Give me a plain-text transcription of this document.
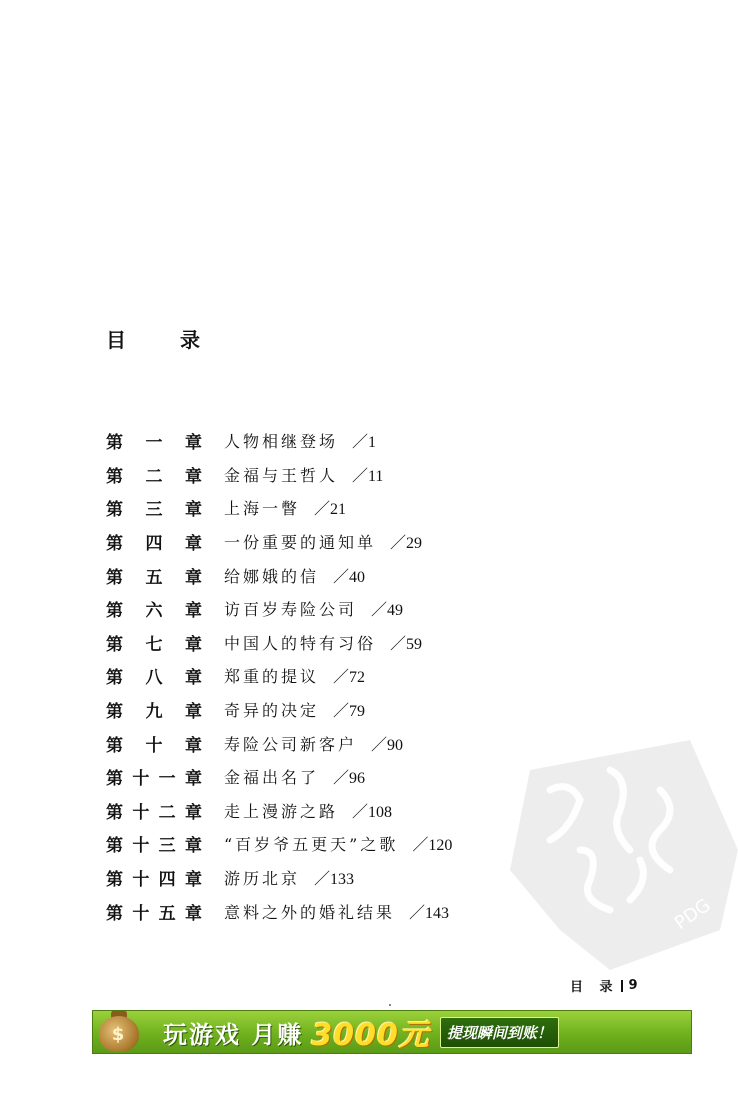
目	录
第 一 章 人物相继登场 ／1
第 二 章 金福与王哲人 ／11
第 三 章 上海一瞥 ／21
第 四 章 一份重要的通知单 ／29
第 五 章 给娜娥的信 ／40
第 六 章 访百岁寿险公司 ／49
第 七 章 中国人的特有习俗 ／59
第 八 章 郑重的提议 ／72
第 九 章 奇异的决定 ／79
第 十 章 寿险公司新客户 ／90
第 十 一 章 金福出名了 ／96
第 十 二 章 走上漫游之路 ／108
第 十 三 章 “百岁爷五更天”之歌 ／120
第 十 四 章 游历北京 ／133
第 十 五 章 意料之外的婚礼结果 ／143	PDG
目 录 9
$ 玩游戏 月赚 3000元	提现瞬间到账！
